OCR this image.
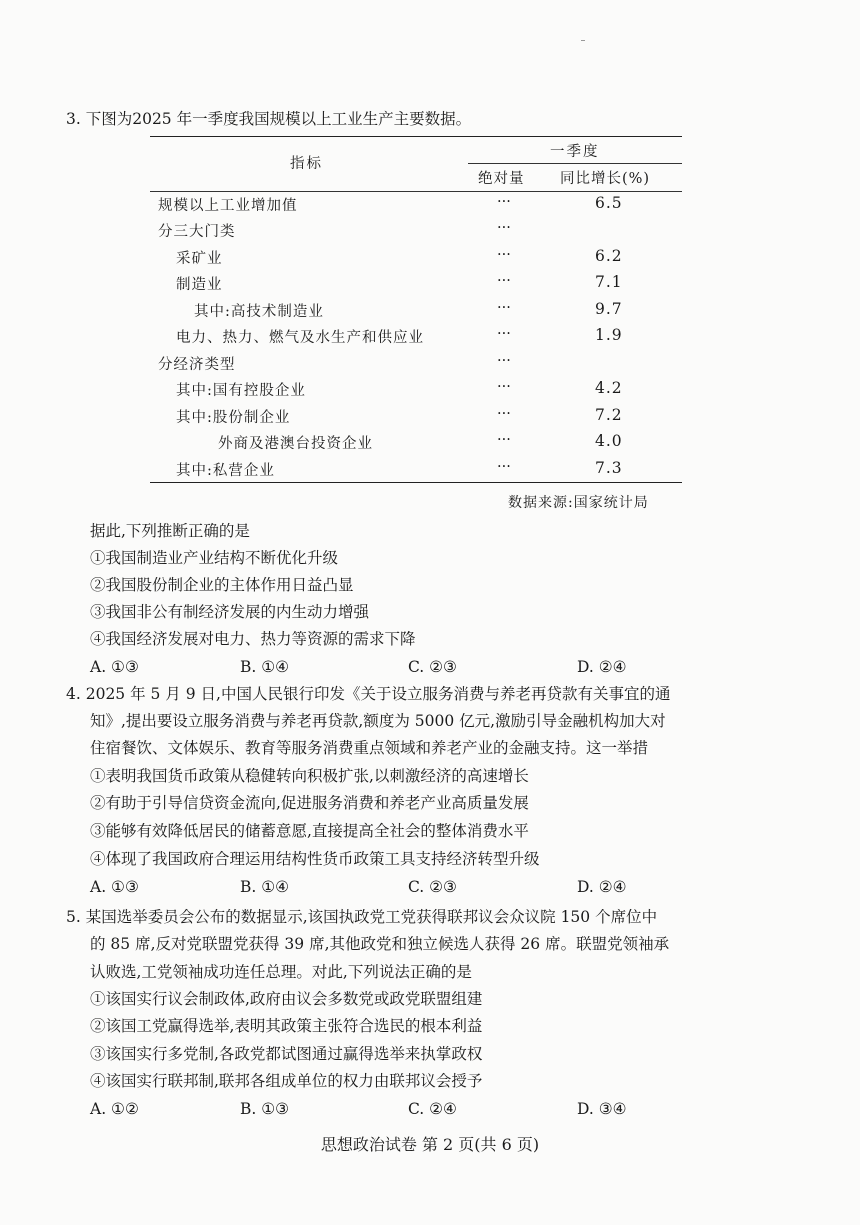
3. 下图为2025 年一季度我国规模以上工业生产主要数据。
指标
一季度
绝对量 同比增长(%)
规模以上工业增加值	···	6.5
分三大门类	···
采矿业	···	6.2
制造业	···	7.1
其中:高技术制造业	···	9.7
电力、热力、燃气及水生产和供应业	···	1.9
分经济类型	···
其中:国有控股企业	···	4.2
其中:股份制企业	···	7.2
外商及港澳台投资企业	···	4.0
其中:私营企业	···	7.3
数据来源:国家统计局
据此,下列推断正确的是
①我国制造业产业结构不断优化升级
②我国股份制企业的主体作用日益凸显
③我国非公有制经济发展的内生动力增强
④我国经济发展对电力、热力等资源的需求下降
A. ①③	B. ①④	C. ②③	D. ②④
4. 2025 年 5 月 9 日,中国人民银行印发《关于设立服务消费与养老再贷款有关事宜的通
知》,提出要设立服务消费与养老再贷款,额度为 5000 亿元,激励引导金融机构加大对
住宿餐饮、文体娱乐、教育等服务消费重点领域和养老产业的金融支持。这一举措
①表明我国货币政策从稳健转向积极扩张,以刺激经济的高速增长
②有助于引导信贷资金流向,促进服务消费和养老产业高质量发展
③能够有效降低居民的储蓄意愿,直接提高全社会的整体消费水平
④体现了我国政府合理运用结构性货币政策工具支持经济转型升级
A. ①③	B. ①④	C. ②③	D. ②④
5. 某国选举委员会公布的数据显示,该国执政党工党获得联邦议会众议院 150 个席位中
的 85 席,反对党联盟党获得 39 席,其他政党和独立候选人获得 26 席。联盟党领袖承
认败选,工党领袖成功连任总理。对此,下列说法正确的是
①该国实行议会制政体,政府由议会多数党或政党联盟组建
②该国工党赢得选举,表明其政策主张符合选民的根本利益
③该国实行多党制,各政党都试图通过赢得选举来执掌政权
④该国实行联邦制,联邦各组成单位的权力由联邦议会授予
A. ①②	B. ①③	C. ②④	D. ③④
思想政治试卷 第 2 页(共 6 页)
